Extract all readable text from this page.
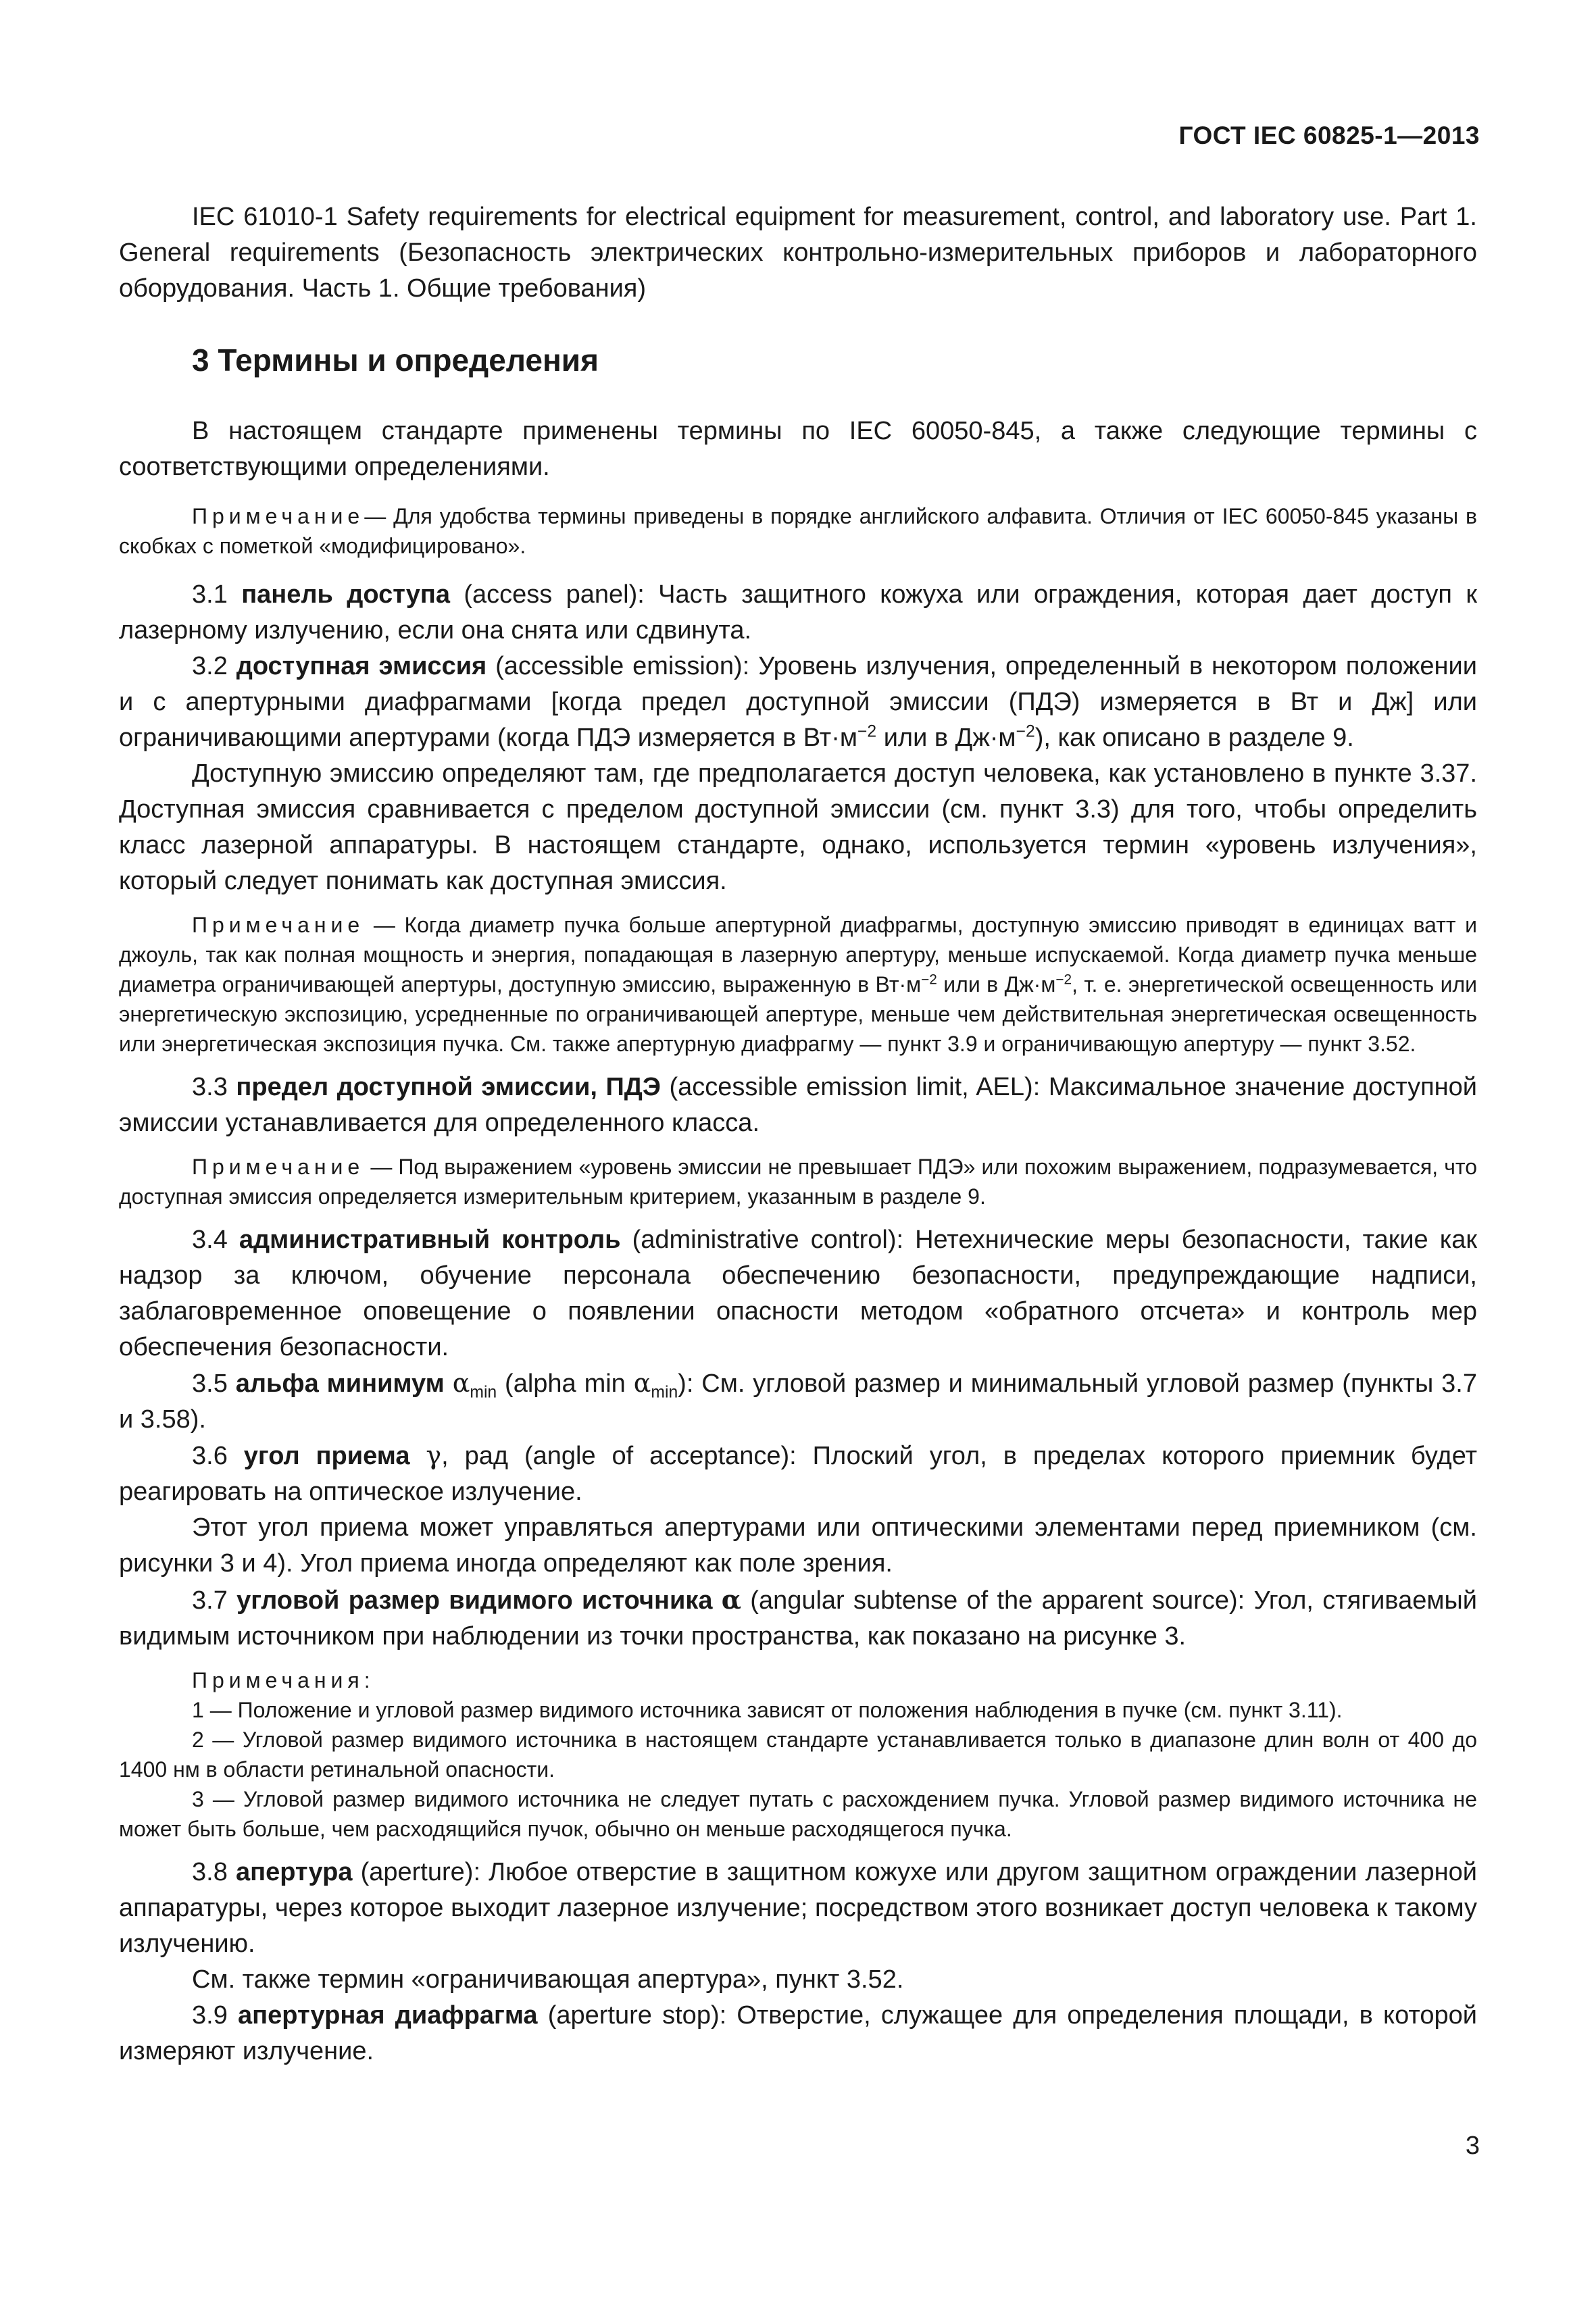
ГОСТ IEC 60825-1—2013

IEC 61010-1 Safety requirements for electrical equipment for measurement, control, and laboratory use. Part 1. General requirements (Безопасность электрических контрольно-измерительных приборов и лабораторного оборудования. Часть 1. Общие требования)

3 Термины и определения

В настоящем стандарте применены термины по IEC 60050-845, а также следующие термины с соответствующими определениями.

Примечание— Для удобства термины приведены в порядке английского алфавита. Отличия от IEC 60050-845 указаны в скобках с пометкой «модифицировано».

3.1 панель доступа (access panel): Часть защитного кожуха или ограждения, которая дает доступ к лазерному излучению, если она снята или сдвинута.

3.2 доступная эмиссия (accessible emission): Уровень излучения, определенный в некотором положении и с апертурными диафрагмами [когда предел доступной эмиссии (ПДЭ) измеряется в Вт и Дж] или ограничивающими апертурами (когда ПДЭ измеряется в $Вт\cdot м^{-2}$ или в $Дж\cdot м^{-2}$), как описано в разделе 9.

Доступную эмиссию определяют там, где предполагается доступ человека, как установлено в пункте 3.37. Доступная эмиссия сравнивается с пределом доступной эмиссии (см. пункт 3.3) для того, чтобы определить класс лазерной аппаратуры. В настоящем стандарте, однако, используется термин «уровень излучения», который следует понимать как доступная эмиссия.

Примечание — Когда диаметр пучка больше апертурной диафрагмы, доступную эмиссию приводят в единицах ватт и джоуль, так как полная мощность и энергия, попадающая в лазерную апертуру, меньше испускаемой. Когда диаметр пучка меньше диаметра ограничивающей апертуры, доступную эмиссию, выраженную в $Вт\cdot м^{-2}$ или в $Дж\cdot м^{-2}$, т. е. энергетической освещенность или энергетическую экспозицию, усредненные по ограничивающей апертуре, меньше чем действительная энергетическая освещенность или энергетическая экспозиция пучка. См. также апертурную диафрагму — пункт 3.9 и ограничивающую апертуру — пункт 3.52.

3.3 предел доступной эмиссии, ПДЭ (accessible emission limit, AEL): Максимальное значение доступной эмиссии устанавливается для определенного класса.

Примечание — Под выражением «уровень эмиссии не превышает ПДЭ» или похожим выражением, подразумевается, что доступная эмиссия определяется измерительным критерием, указанным в разделе 9.

3.4 административный контроль (administrative control): Нетехнические меры безопасности, такие как надзор за ключом, обучение персонала обеспечению безопасности, предупреждающие надписи, заблаговременное оповещение о появлении опасности методом «обратного отсчета» и контроль мер обеспечения безопасности.

3.5 альфа минимум $\alpha_{min}$ (alpha $\min \alpha_{min}$): См. угловой размер и минимальный угловой размер (пункты 3.7 и 3.58).

3.6 угол приема γ, рад (angle of acceptance): Плоский угол, в пределах которого приемник будет реагировать на оптическое излучение.

Этот угол приема может управляться апертурами или оптическими элементами перед приемником (см. рисунки 3 и 4). Угол приема иногда определяют как поле зрения.

3.7 угловой размер видимого источника α (angular subtense of the apparent source): Угол, стягиваемый видимым источником при наблюдении из точки пространства, как показано на рисунке 3.

Примечания:

1 — Положение и угловой размер видимого источника зависят от положения наблюдения в пучке (см. пункт 3.11).

2 — Угловой размер видимого источника в настоящем стандарте устанавливается только в диапазоне длин волн от 400 до 1400 нм в области ретинальной опасности.

3 — Угловой размер видимого источника не следует путать с расхождением пучка. Угловой размер видимого источника не может быть больше, чем расходящийся пучок, обычно он меньше расходящегося пучка.

3.8 апертура (aperture): Любое отверстие в защитном кожухе или другом защитном ограждении лазерной аппаратуры, через которое выходит лазерное излучение; посредством этого возникает доступ человека к такому излучению.

См. также термин «ограничивающая апертура», пункт 3.52.

3.9 апертурная диафрагма (aperture stop): Отверстие, служащее для определения площади, в которой измеряют излучение.

3
